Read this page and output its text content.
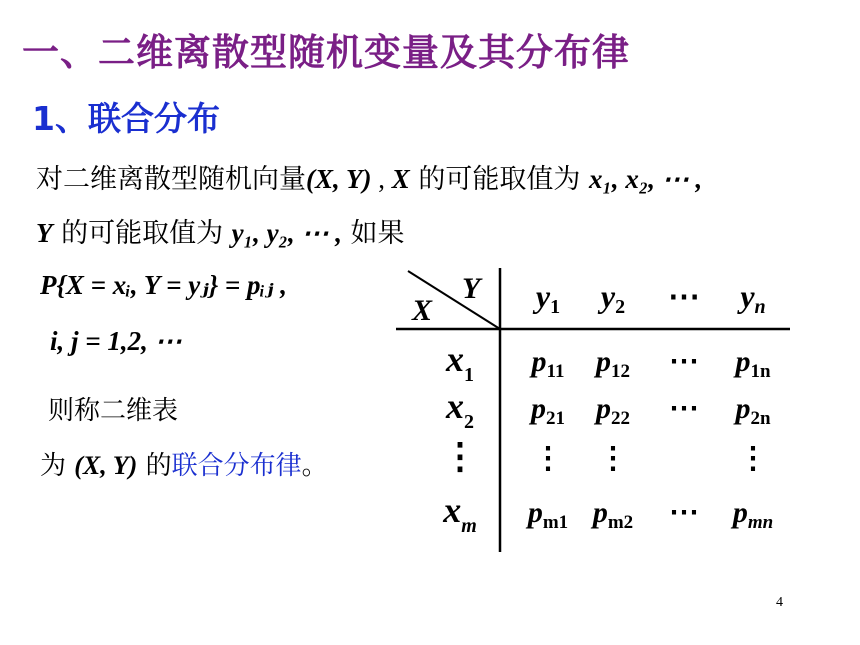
一、二维离散型随机变量及其分布律
1、联合分布
对二维离散型随机向量(X, Y) , X 的可能取值为 x₁, x₂, ⋯ ,
Y 的可能取值为 y₁, y₂, ⋯ , 如果
P{X = xᵢ, Y = yⱼ} = pᵢⱼ ,
i, j = 1,2, ⋯
则称二维表
为 (X, Y) 的联合分布律。
Y
X	y1 y2 ⋯ yn
$x_1$
$x_2$
⋮
$x_m$
$p_{11}$ $p_{12}$ ⋯ $p_{1n}$
$p_{21}$ $p_{22}$ ⋯ $p_{2n}$
⋮ ⋮	⋮
$p_{m1}$ $p_{m2}$ ⋯ $p_{mn}$
4
